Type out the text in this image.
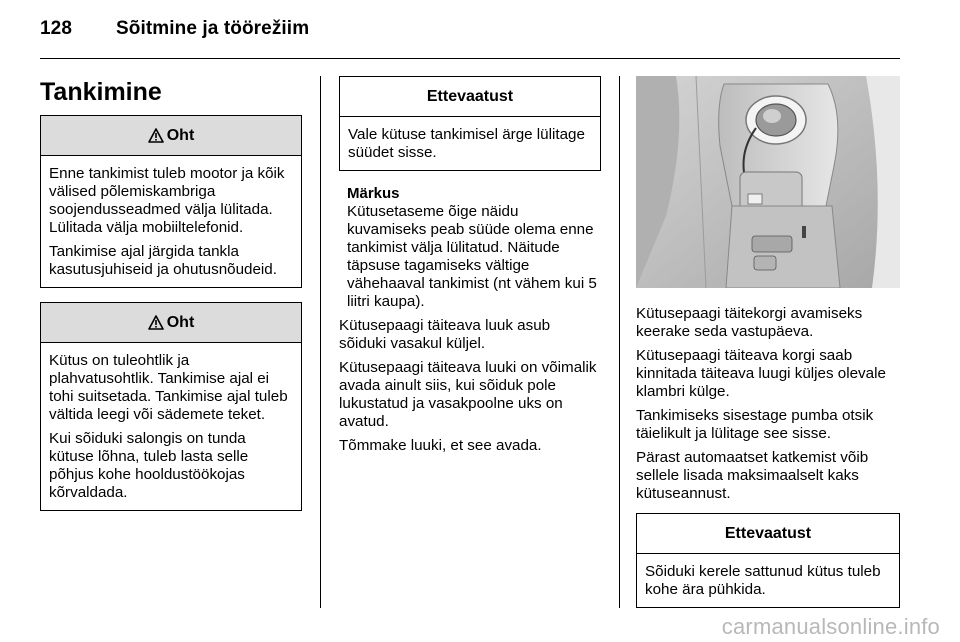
128 Sõitmine ja töörežiim
Tankimine
Oht

Enne tankimist tuleb mootor ja kõik välised põlemiskambriga soojendusseadmed välja lülitada. Lülitada välja mobiiltelefonid.

Tankimise ajal järgida tankla kasutusjuhiseid ja ohutusnõudeid.

Oht

Kütus on tuleohtlik ja plahvatusohtlik. Tankimise ajal ei tohi suitsetada. Tankimise ajal tuleb vältida leegi või sädemete teket.

Kui sõiduki salongis on tunda kütuse lõhna, tuleb lasta selle põhjus kohe hooldustöökojas kõrvaldada.

Ettevaatust

Vale kütuse tankimisel ärge lülitage süüdet sisse.

Märkus

Kütusetaseme õige näidu kuvamiseks peab süüde olema enne tankimist välja lülitatud. Näitude täpsuse tagamiseks vältige vähehaaval tankimist (nt vähem kui 5 liitri kaupa).

Kütusepaagi täiteava luuk asub sõiduki vasakul küljel.

Kütusepaagi täiteava luuki on võimalik avada ainult siis, kui sõiduk pole lukustatud ja vasakpoolne uks on avatud.

Tõmmake luuki, et see avada.

Kütusepaagi täitekorgi avamiseks keerake seda vastupäeva.

Kütusepaagi täiteava korgi saab kinnitada täiteava luugi küljes olevale klambri külge.

Tankimiseks sisestage pumba otsik täielikult ja lülitage see sisse.

Pärast automaatset katkemist võib sellele lisada maksimaalselt kaks kütuseannust.

Ettevaatust

Sõiduki kerele sattunud kütus tuleb kohe ära pühkida.

carmanualsonline.info
